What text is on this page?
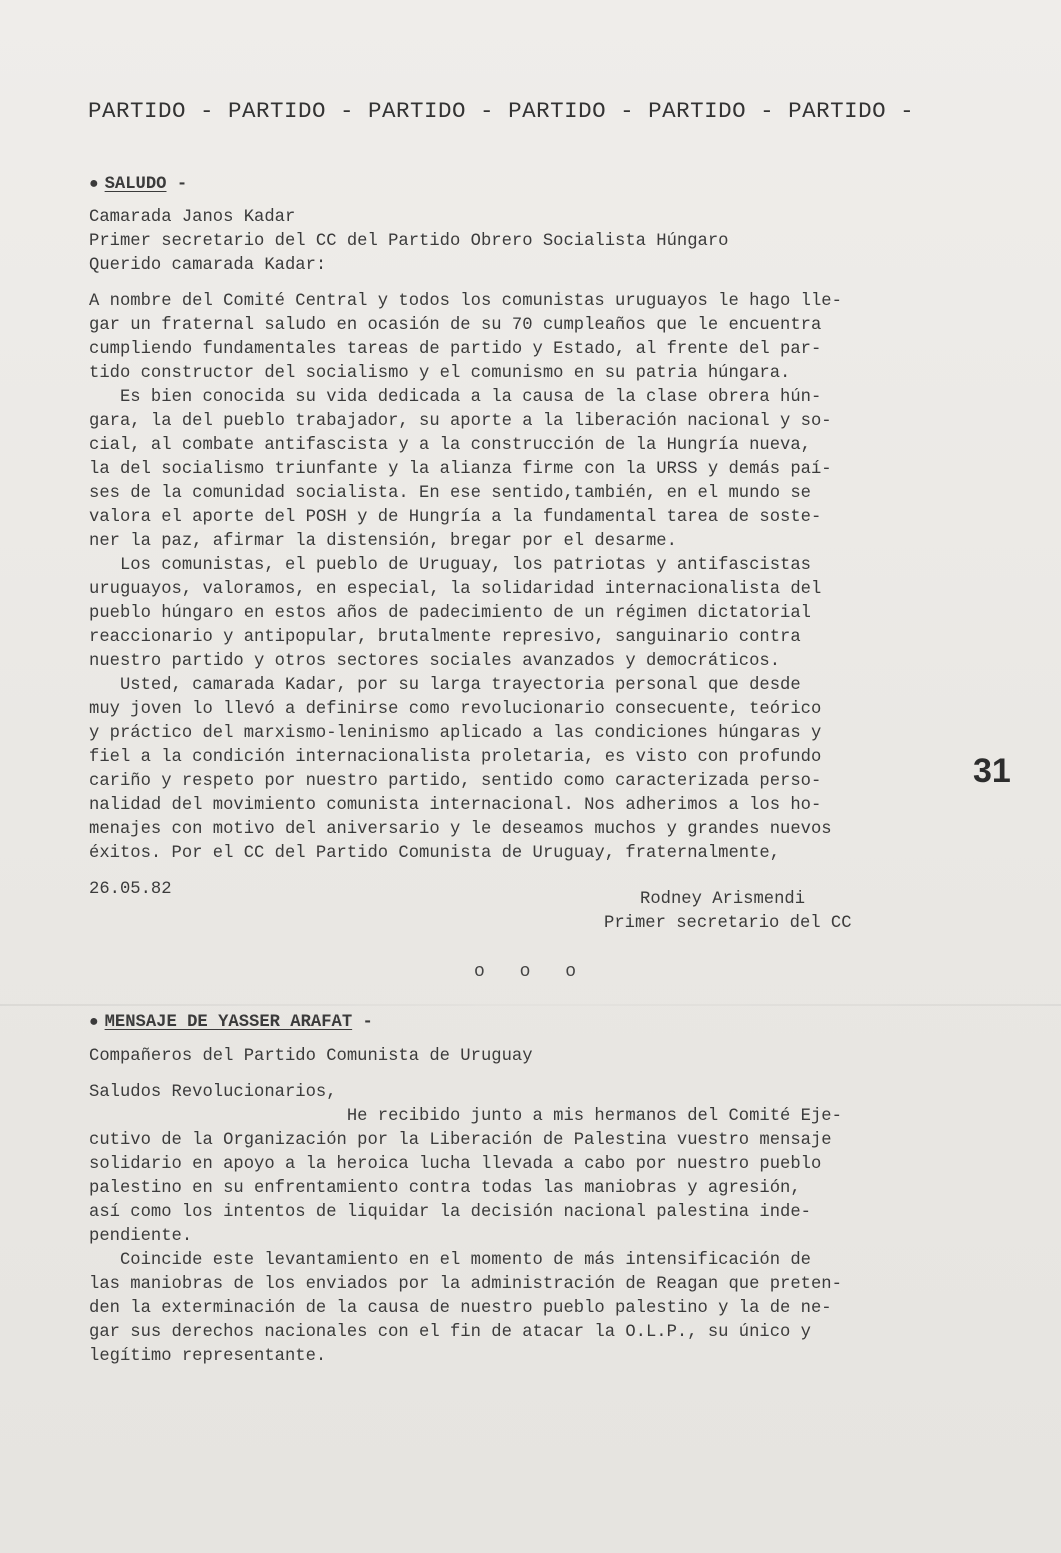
PARTIDO - PARTIDO - PARTIDO - PARTIDO - PARTIDO - PARTIDO -
● SALUDO -
Camarada Janos Kadar
Primer secretario del CC del Partido Obrero Socialista Húngaro
Querido camarada Kadar:
A nombre del Comité Central y todos los comunistas uruguayos le hago lle-
gar un fraternal saludo en ocasión de su 70 cumpleaños que le encuentra
cumpliendo fundamentales tareas de partido y Estado, al frente del par-
tido constructor del socialismo y el comunismo en su patria húngara.
Es bien conocida su vida dedicada a la causa de la clase obrera hún-
gara, la del pueblo trabajador, su aporte a la liberación nacional y so-
cial, al combate antifascista y a la construcción de la Hungría nueva,
la del socialismo triunfante y la alianza firme con la URSS y demás paí-
ses de la comunidad socialista. En ese sentido,también, en el mundo se
valora el aporte del POSH y de Hungría a la fundamental tarea de soste-
ner la paz, afirmar la distensión, bregar por el desarme.
Los comunistas, el pueblo de Uruguay, los patriotas y antifascistas
uruguayos, valoramos, en especial, la solidaridad internacionalista del
pueblo húngaro en estos años de padecimiento de un régimen dictatorial
reaccionario y antipopular, brutalmente represivo, sanguinario contra
nuestro partido y otros sectores sociales avanzados y democráticos.
Usted, camarada Kadar, por su larga trayectoria personal que desde
muy joven lo llevó a definirse como revolucionario consecuente, teórico
y práctico del marxismo-leninismo aplicado a las condiciones húngaras y
fiel a la condición internacionalista proletaria, es visto con profundo
cariño y respeto por nuestro partido, sentido como caracterizada perso-
nalidad del movimiento comunista internacional. Nos adherimos a los ho-
menajes con motivo del aniversario y le deseamos muchos y grandes nuevos
éxitos. Por el CC del Partido Comunista de Uruguay, fraternalmente,
26.05.82
Rodney Arismendi
Primer secretario del CC
o o o
31
● MENSAJE DE YASSER ARAFAT -
Compañeros del Partido Comunista de Uruguay
Saludos Revolucionarios,
He recibido junto a mis hermanos del Comité Eje-
cutivo de la Organización por la Liberación de Palestina vuestro mensaje
solidario en apoyo a la heroica lucha llevada a cabo por nuestro pueblo
palestino en su enfrentamiento contra todas las maniobras y agresión,
así como los intentos de liquidar la decisión nacional palestina inde-
pendiente.
Coincide este levantamiento en el momento de más intensificación de
las maniobras de los enviados por la administración de Reagan que preten-
den la exterminación de la causa de nuestro pueblo palestino y la de ne-
gar sus derechos nacionales con el fin de atacar la O.L.P., su único y
legítimo representante.
